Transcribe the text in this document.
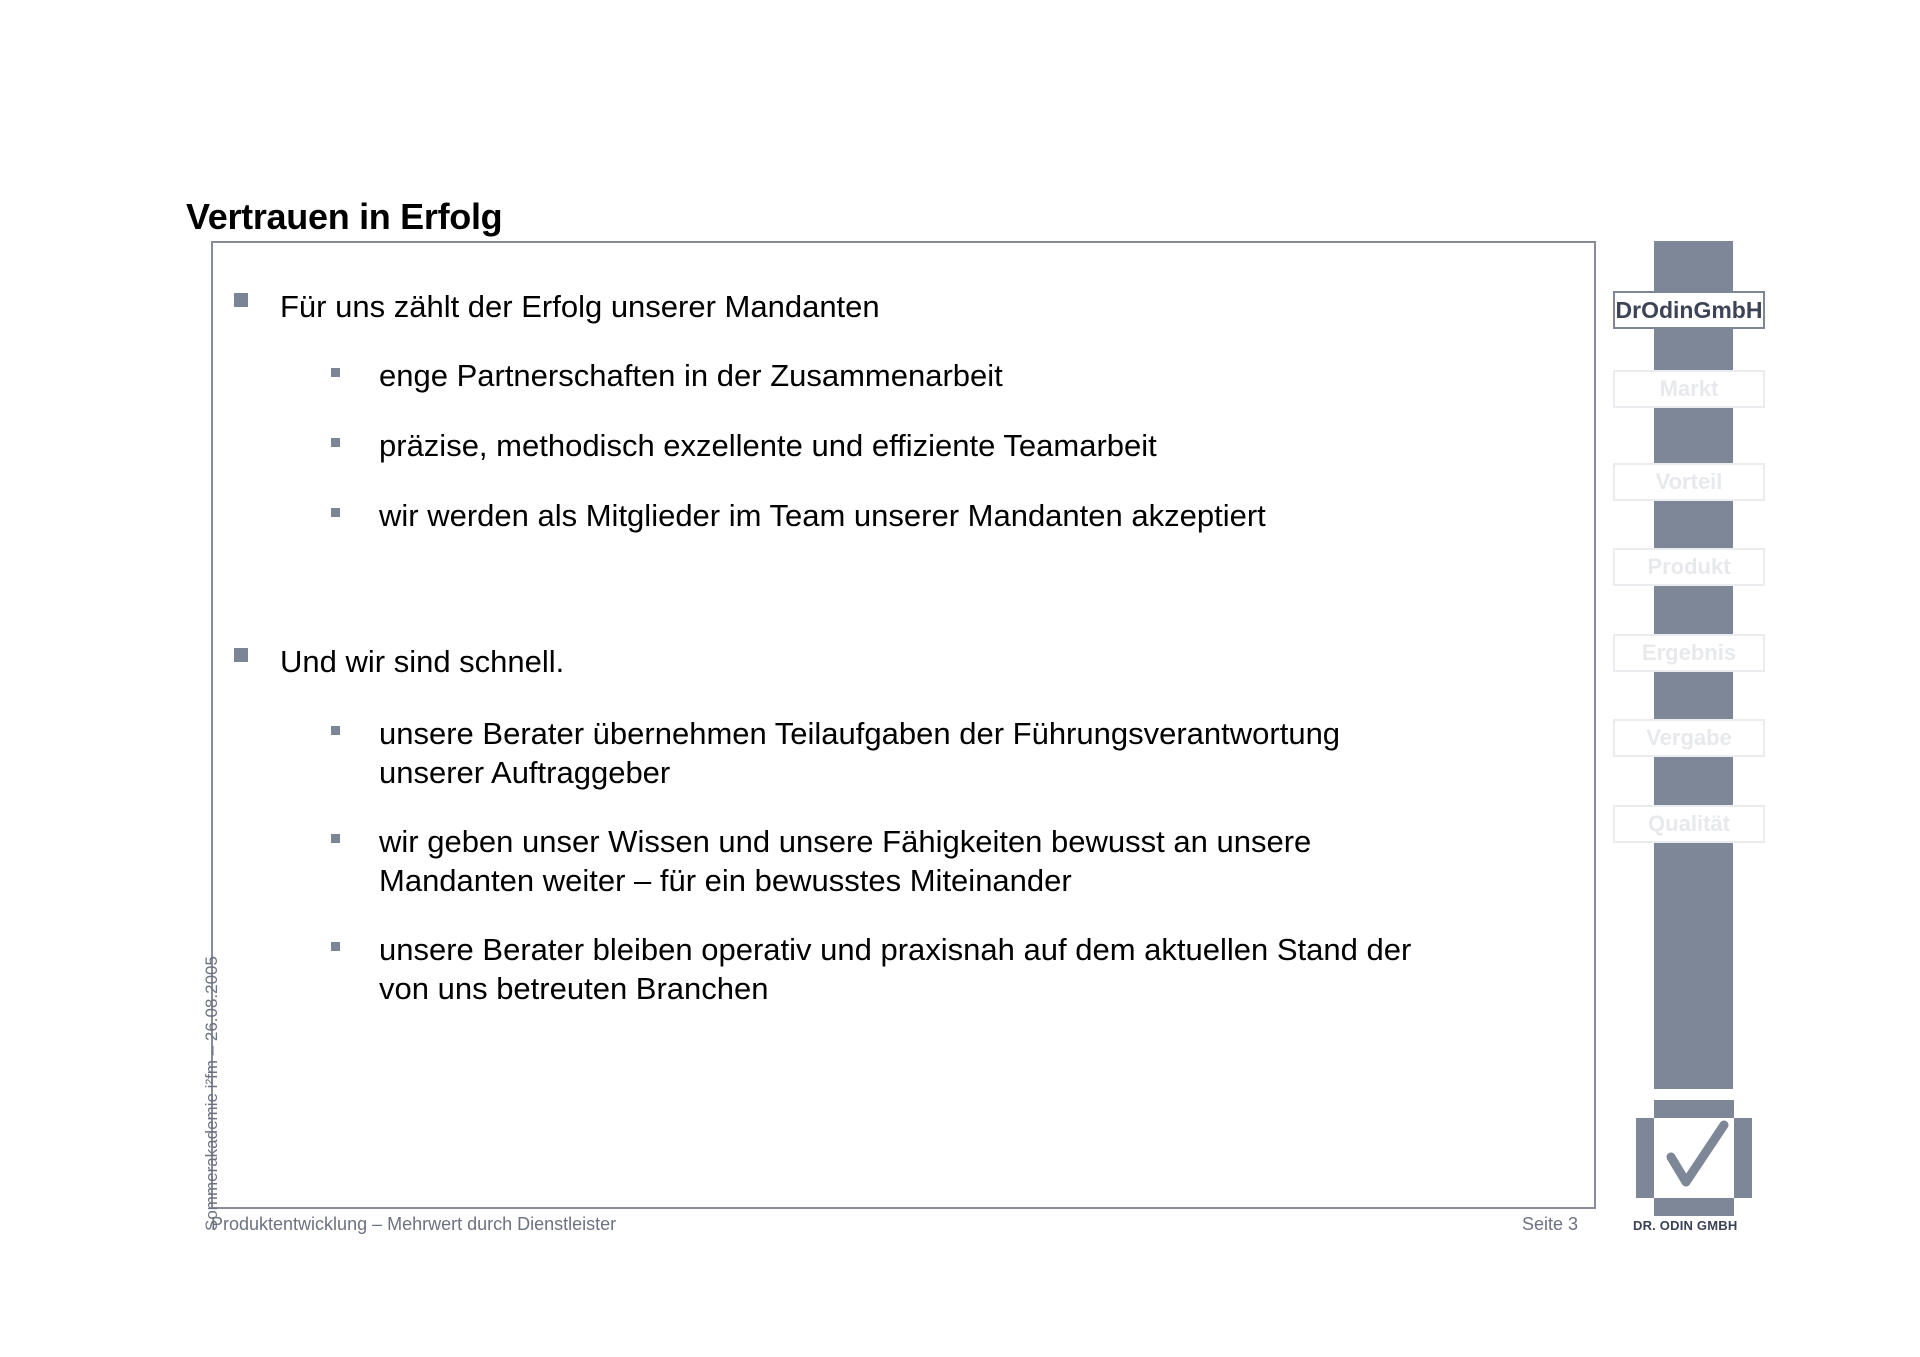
Vertrauen in Erfolg
Für uns zählt der Erfolg unserer Mandanten
enge Partnerschaften in der Zusammenarbeit
präzise, methodisch exzellente und effiziente Teamarbeit
wir werden als Mitglieder im Team unserer Mandanten akzeptiert
Und wir sind schnell.
unsere Berater übernehmen Teilaufgaben der Führungsverantwortung unserer Auftraggeber
wir geben unser Wissen und unsere Fähigkeiten bewusst an unsere Mandanten weiter – für ein bewusstes Miteinander
unsere Berater bleiben operativ und praxisnah auf dem aktuellen Stand der von uns betreuten Branchen
DrOdinGmbH
Markt
Vorteil
Produkt
Ergebnis
Vergabe
Qualität
DR. ODIN GMBH
Sommerakademie i²fm – 26.08.2005
Produktentwicklung – Mehrwert durch Dienstleister	Seite 3
